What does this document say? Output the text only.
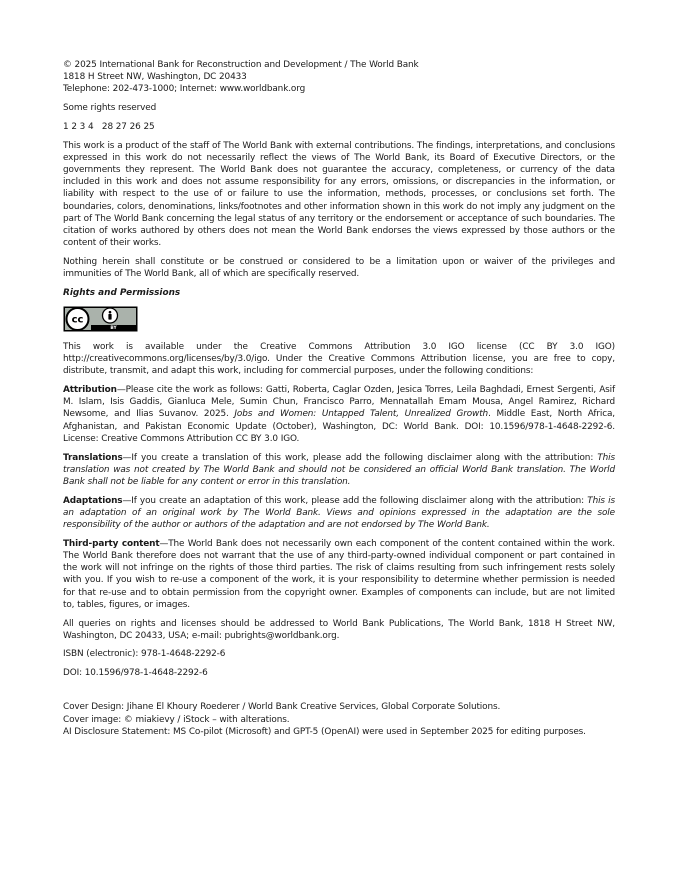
© 2025 International Bank for Reconstruction and Development / The World Bank

1818 H Street NW, Washington, DC 20433

Telephone: 202-473-1000; Internet: www.worldbank.org

Some rights reserved

1 2 3 4   28 27 26 25

This work is a product of the staff of The World Bank with external contributions. The findings, interpretations, and conclusions expressed in this work do not necessarily reflect the views of The World Bank, its Board of Executive Directors, or the governments they represent. The World Bank does not guarantee the accuracy, completeness, or currency of the data included in this work and does not assume responsibility for any errors, omissions, or discrepancies in the information, or liability with respect to the use of or failure to use the information, methods, processes, or conclusions set forth. The boundaries, colors, denominations, links/footnotes and other information shown in this work do not imply any judgment on the part of The World Bank concerning the legal status of any territory or the endorsement or acceptance of such boundaries. The citation of works authored by others does not mean the World Bank endorses the views expressed by those authors or the content of their works.

Nothing herein shall constitute or be construed or considered to be a limitation upon or waiver of the privileges and immunities of The World Bank, all of which are specifically reserved.

Rights and Permissions

cc
BY

This work is available under the Creative Commons Attribution 3.0 IGO license (CC BY 3.0 IGO) http://creativecommons.org/licenses/by/3.0/igo. Under the Creative Commons Attribution license, you are free to copy, distribute, transmit, and adapt this work, including for commercial purposes, under the following conditions:

Attribution—Please cite the work as follows: Gatti, Roberta, Caglar Ozden, Jesica Torres, Leila Baghdadi, Ernest Sergenti, Asif M. Islam, Isis Gaddis, Gianluca Mele, Sumin Chun, Francisco Parro, Mennatallah Emam Mousa, Angel Ramirez, Richard Newsome, and Ilias Suvanov. 2025. Jobs and Women: Untapped Talent, Unrealized Growth. Middle East, North Africa, Afghanistan, and Pakistan Economic Update (October), Washington, DC: World Bank. DOI: 10.1596/978-1-4648-2292-6. License: Creative Commons Attribution CC BY 3.0 IGO.

Translations—If you create a translation of this work, please add the following disclaimer along with the attribution: This translation was not created by The World Bank and should not be considered an official World Bank translation. The World Bank shall not be liable for any content or error in this translation.

Adaptations—If you create an adaptation of this work, please add the following disclaimer along with the attribution: This is an adaptation of an original work by The World Bank. Views and opinions expressed in the adaptation are the sole responsibility of the author or authors of the adaptation and are not endorsed by The World Bank.

Third-party content—The World Bank does not necessarily own each component of the content contained within the work. The World Bank therefore does not warrant that the use of any third-party-owned individual component or part contained in the work will not infringe on the rights of those third parties. The risk of claims resulting from such infringement rests solely with you. If you wish to re-use a component of the work, it is your responsibility to determine whether permission is needed for that re-use and to obtain permission from the copyright owner. Examples of components can include, but are not limited to, tables, figures, or images.

All queries on rights and licenses should be addressed to World Bank Publications, The World Bank, 1818 H Street NW, Washington, DC 20433, USA; e-mail: pubrights@worldbank.org.

ISBN (electronic): 978-1-4648-2292-6

DOI: 10.1596/978-1-4648-2292-6

Cover Design: Jihane El Khoury Roederer / World Bank Creative Services, Global Corporate Solutions.

Cover image: © miakievy / iStock – with alterations.

AI Disclosure Statement: MS Co-pilot (Microsoft) and GPT-5 (OpenAI) were used in September 2025 for editing purposes.
